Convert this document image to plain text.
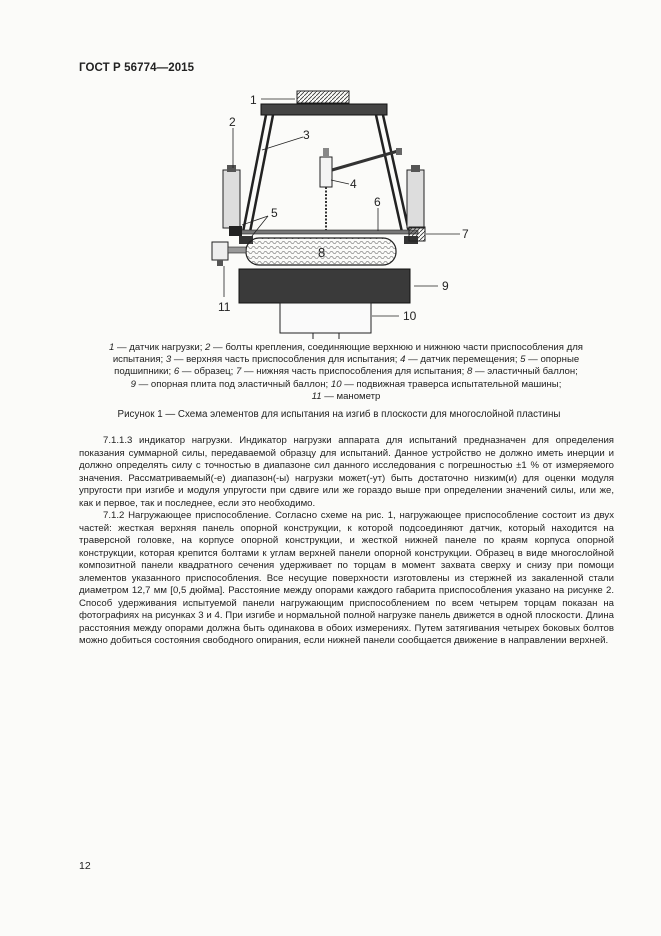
ГОСТ Р 56774—2015
1
2
3
4
5
6
7
8
9
10
11
1 — датчик нагрузки; 2 — болты крепления, соединяющие верхнюю и нижнюю части приспособления для
испытания; 3 — верхняя часть приспособления для испытания; 4 — датчик перемещения; 5 — опорные
подшипники; 6 — образец; 7 — нижняя часть приспособления для испытания; 8 — эластичный баллон;
9 — опорная плита под эластичный баллон; 10 — подвижная траверса испытательной машины;
11 — манометр
Рисунок 1 — Схема элементов для испытания на изгиб в плоскости для многослойной пластины

7.1.1.3 индикатор нагрузки. Индикатор нагрузки аппарата для испытаний предназначен для определения показания суммарной силы, передаваемой образцу для испытаний. Данное устройство не должно иметь инерции и должно определять силу с точностью в диапазоне сил данного исследования с погрешностью ±1 % от измеряемого значения. Рассматриваемый(-е) диапазон(-ы) нагрузки может(-ут) быть достаточно низким(и) для оценки модуля упругости при изгибе и модуля упругости при сдвиге или же гораздо выше при определении значений силы, или же, как и первое, так и последнее, если это необходимо.

7.1.2 Нагружающее приспособление. Согласно схеме на рис. 1, нагружающее приспособление состоит из двух частей: жесткая верхняя панель опорной конструкции, к которой подсоединяют датчик, который находится на траверсной головке, на корпусе опорной конструкции, и жесткой нижней панеле по краям корпуса опорной конструкции, которая крепится болтами к углам верхней панели опорной конструкции. Образец в виде многослойной композитной панели квадратного сечения удерживает по торцам в момент захвата сверху и снизу при помощи элементов указанного приспособления. Все несущие поверхности изготовлены из стержней из закаленной стали диаметром 12,7 мм [0,5 дюйма]. Расстояние между опорами каждого габарита приспособления указано на рисунке 2. Способ удерживания испытуемой панели нагружающим приспособлением по всем четырем торцам показан на фотографиях на рисунках 3 и 4. При изгибе и нормальной полной нагрузке панель движется в одной плоскости. Длина расстояния между опорами должна быть одинакова в обоих измерениях. Путем затягивания четырех боковых болтов можно добиться состояния свободного опирания, если нижней панели сообщается движение в направлении верхней.

12
